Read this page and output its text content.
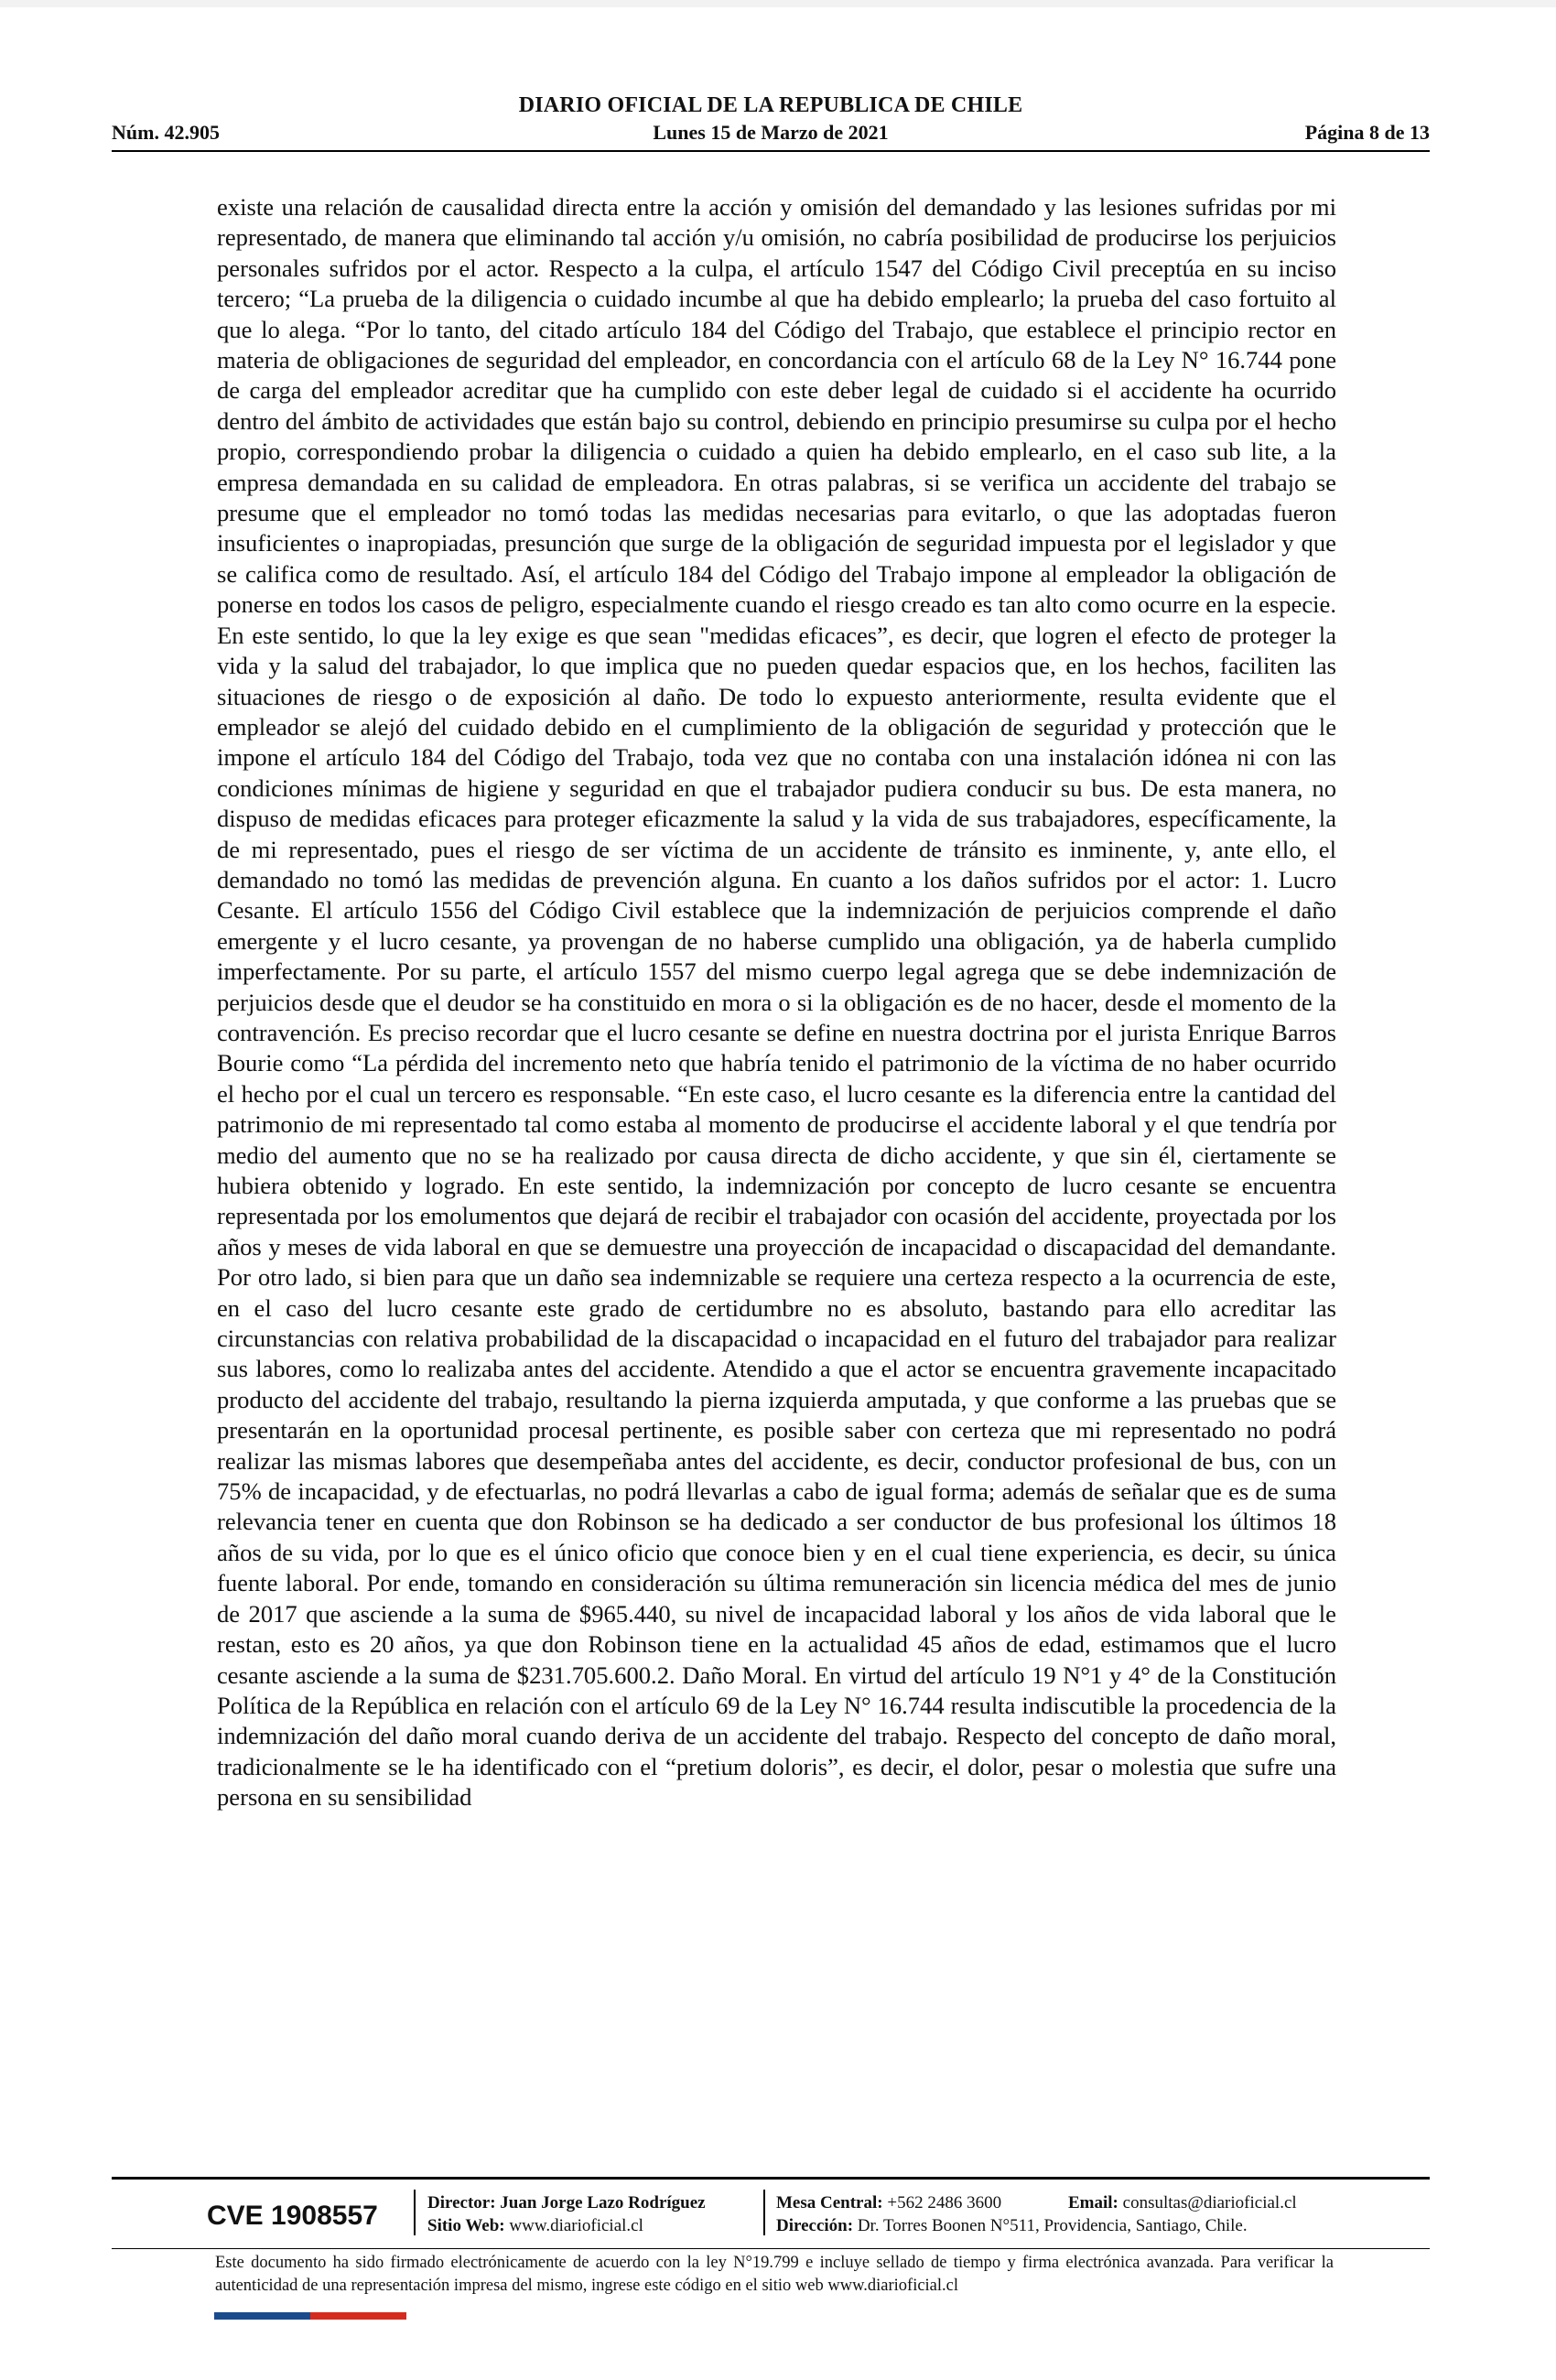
DIARIO OFICIAL DE LA REPUBLICA DE CHILE
Núm. 42.905	Lunes 15 de Marzo de 2021	Página 8 de 13

existe una relación de causalidad directa entre la acción y omisión del demandado y las lesiones sufridas por mi representado, de manera que eliminando tal acción y/u omisión, no cabría posibilidad de producirse los perjuicios personales sufridos por el actor. Respecto a la culpa, el artículo 1547 del Código Civil preceptúa en su inciso tercero; “La prueba de la diligencia o cuidado incumbe al que ha debido emplearlo; la prueba del caso fortuito al que lo alega. “Por lo tanto, del citado artículo 184 del Código del Trabajo, que establece el principio rector en materia de obligaciones de seguridad del empleador, en concordancia con el artículo 68 de la Ley N° 16.744 pone de carga del empleador acreditar que ha cumplido con este deber legal de cuidado si el accidente ha ocurrido dentro del ámbito de actividades que están bajo su control, debiendo en principio presumirse su culpa por el hecho propio, correspondiendo probar la diligencia o cuidado a quien ha debido emplearlo, en el caso sub lite, a la empresa demandada en su calidad de empleadora. En otras palabras, si se verifica un accidente del trabajo se presume que el empleador no tomó todas las medidas necesarias para evitarlo, o que las adoptadas fueron insuficientes o inapropiadas, presunción que surge de la obligación de seguridad impuesta por el legislador y que se califica como de resultado. Así, el artículo 184 del Código del Trabajo impone al empleador la obligación de ponerse en todos los casos de peligro, especialmente cuando el riesgo creado es tan alto como ocurre en la especie. En este sentido, lo que la ley exige es que sean "medidas eficaces”, es decir, que logren el efecto de proteger la vida y la salud del trabajador, lo que implica que no pueden quedar espacios que, en los hechos, faciliten las situaciones de riesgo o de exposición al daño. De todo lo expuesto anteriormente, resulta evidente que el empleador se alejó del cuidado debido en el cumplimiento de la obligación de seguridad y protección que le impone el artículo 184 del Código del Trabajo, toda vez que no contaba con una instalación idónea ni con las condiciones mínimas de higiene y seguridad en que el trabajador pudiera conducir su bus. De esta manera, no dispuso de medidas eficaces para proteger eficazmente la salud y la vida de sus trabajadores, específicamente, la de mi representado, pues el riesgo de ser víctima de un accidente de tránsito es inminente, y, ante ello, el demandado no tomó las medidas de prevención alguna. En cuanto a los daños sufridos por el actor: 1. Lucro Cesante. El artículo 1556 del Código Civil establece que la indemnización de perjuicios comprende el daño emergente y el lucro cesante, ya provengan de no haberse cumplido una obligación, ya de haberla cumplido imperfectamente. Por su parte, el artículo 1557 del mismo cuerpo legal agrega que se debe indemnización de perjuicios desde que el deudor se ha constituido en mora o si la obligación es de no hacer, desde el momento de la contravención. Es preciso recordar que el lucro cesante se define en nuestra doctrina por el jurista Enrique Barros Bourie como “La pérdida del incremento neto que habría tenido el patrimonio de la víctima de no haber ocurrido el hecho por el cual un tercero es responsable. “En este caso, el lucro cesante es la diferencia entre la cantidad del patrimonio de mi representado tal como estaba al momento de producirse el accidente laboral y el que tendría por medio del aumento que no se ha realizado por causa directa de dicho accidente, y que sin él, ciertamente se hubiera obtenido y logrado. En este sentido, la indemnización por concepto de lucro cesante se encuentra representada por los emolumentos que dejará de recibir el trabajador con ocasión del accidente, proyectada por los años y meses de vida laboral en que se demuestre una proyección de incapacidad o discapacidad del demandante. Por otro lado, si bien para que un daño sea indemnizable se requiere una certeza respecto a la ocurrencia de este, en el caso del lucro cesante este grado de certidumbre no es absoluto, bastando para ello acreditar las circunstancias con relativa probabilidad de la discapacidad o incapacidad en el futuro del trabajador para realizar sus labores, como lo realizaba antes del accidente. Atendido a que el actor se encuentra gravemente incapacitado producto del accidente del trabajo, resultando la pierna izquierda amputada, y que conforme a las pruebas que se presentarán en la oportunidad procesal pertinente, es posible saber con certeza que mi representado no podrá realizar las mismas labores que desempeñaba antes del accidente, es decir, conductor profesional de bus, con un 75% de incapacidad, y de efectuarlas, no podrá llevarlas a cabo de igual forma; además de señalar que es de suma relevancia tener en cuenta que don Robinson se ha dedicado a ser conductor de bus profesional los últimos 18 años de su vida, por lo que es el único oficio que conoce bien y en el cual tiene experiencia, es decir, su única fuente laboral. Por ende, tomando en consideración su última remuneración sin licencia médica del mes de junio de 2017 que asciende a la suma de $965.440, su nivel de incapacidad laboral y los años de vida laboral que le restan, esto es 20 años, ya que don Robinson tiene en la actualidad 45 años de edad, estimamos que el lucro cesante asciende a la suma de $231.705.600.2. Daño Moral. En virtud del artículo 19 N°1 y 4° de la Constitución Política de la República en relación con el artículo 69 de la Ley N° 16.744 resulta indiscutible la procedencia de la indemnización del daño moral cuando deriva de un accidente del trabajo. Respecto del concepto de daño moral, tradicionalmente se le ha identificado con el “pretium doloris”, es decir, el dolor, pesar o molestia que sufre una persona en su sensibilidad

CVE 1908557	Director: Juan Jorge Lazo Rodríguez
Sitio Web: www.diarioficial.cl
Mesa Central: +562 2486 3600
Dirección: Dr. Torres Boonen N°511, Providencia, Santiago, Chile.
Email: consultas@diarioficial.cl
Este documento ha sido firmado electrónicamente de acuerdo con la ley N°19.799 e incluye sellado de tiempo y firma electrónica avanzada. Para verificar la autenticidad de una representación impresa del mismo, ingrese este código en el sitio web www.diarioficial.cl
